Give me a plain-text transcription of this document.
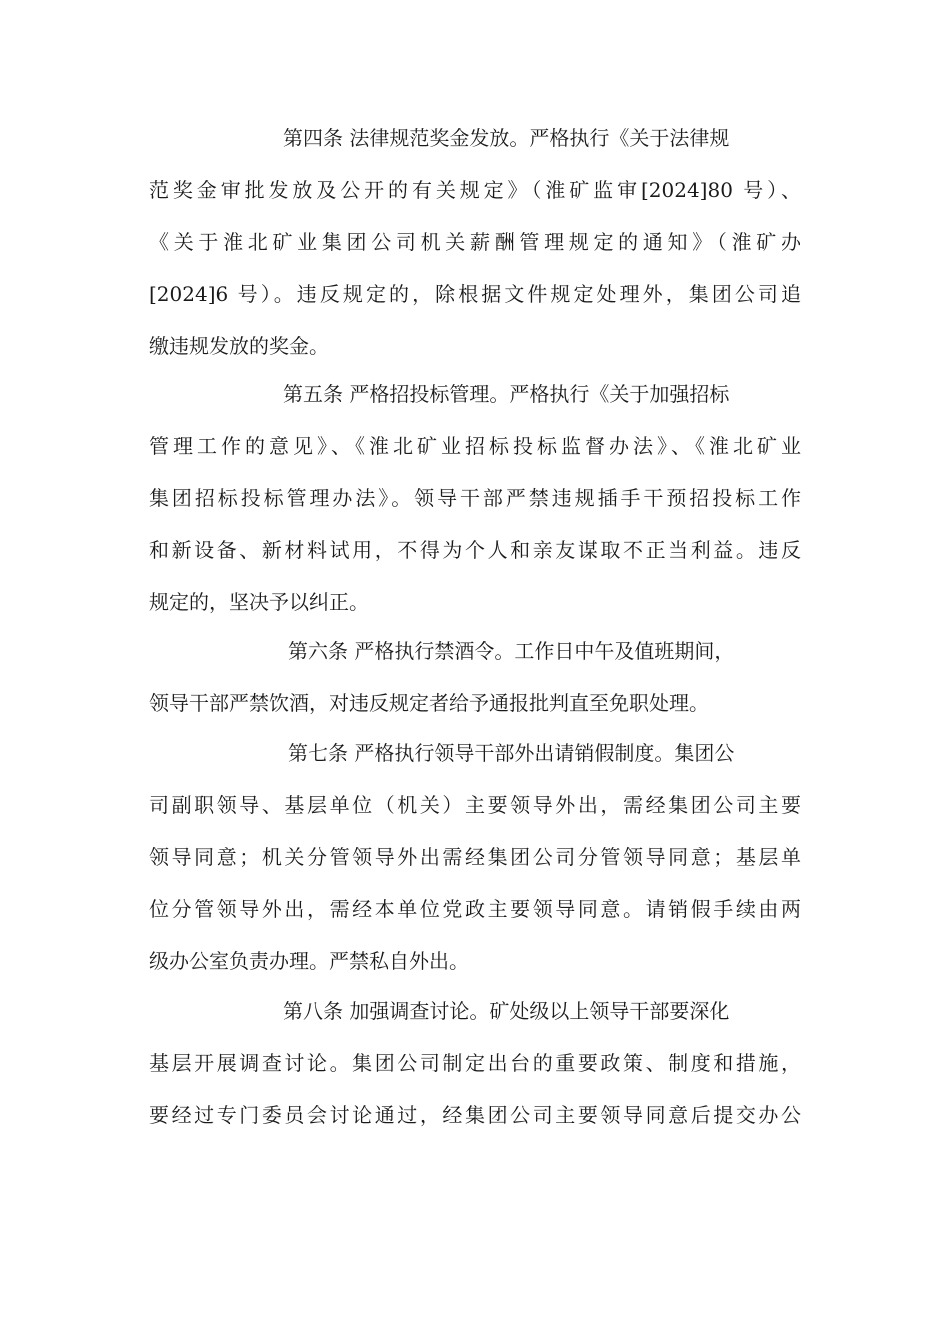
第四条 法律规范奖金发放。严格执行《关于法律规
范奖金审批发放及公开的有关规定》（淮矿监审[2024]80 号）、
《关于淮北矿业集团公司机关薪酬管理规定的通知》（淮矿办
[2024]6 号）。违反规定的，除根据文件规定处理外，集团公司追
缴违规发放的奖金。
第五条 严格招投标管理。严格执行《关于加强招标
管理工作的意见》、《淮北矿业招标投标监督办法》、《淮北矿业
集团招标投标管理办法》。领导干部严禁违规插手干预招投标工作
和新设备、新材料试用，不得为个人和亲友谋取不正当利益。违反
规定的，坚决予以纠正。
第六条 严格执行禁酒令。工作日中午及值班期间，
领导干部严禁饮酒，对违反规定者给予通报批判直至免职处理。
第七条 严格执行领导干部外出请销假制度。集团公
司副职领导、基层单位（机关）主要领导外出，需经集团公司主要
领导同意；机关分管领导外出需经集团公司分管领导同意；基层单
位分管领导外出，需经本单位党政主要领导同意。请销假手续由两
级办公室负责办理。严禁私自外出。
第八条 加强调查讨论。矿处级以上领导干部要深化
基层开展调查讨论。集团公司制定出台的重要政策、制度和措施，
要经过专门委员会讨论通过，经集团公司主要领导同意后提交办公
